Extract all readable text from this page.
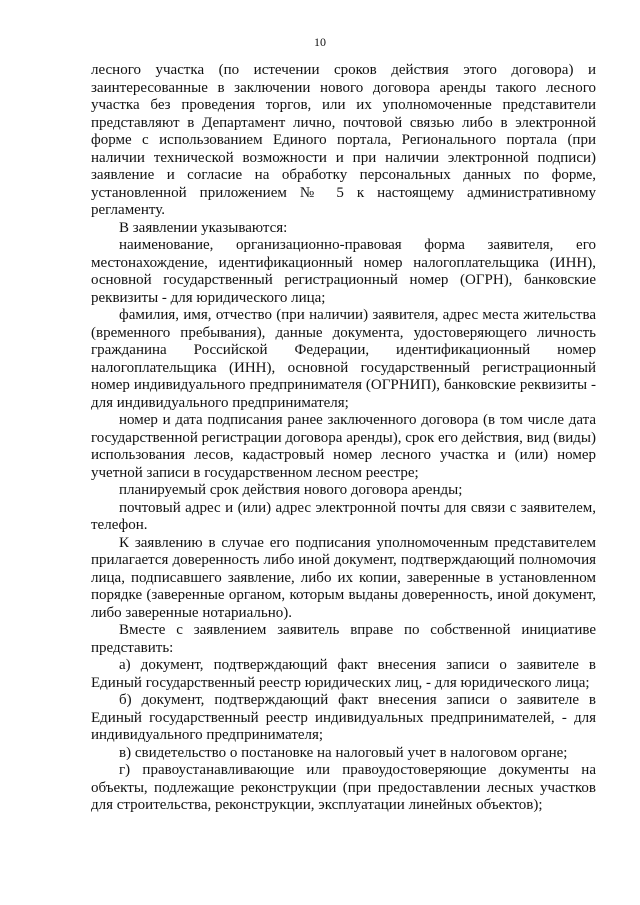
10

лесного участка (по истечении сроков действия этого договора) и заинтересованные в заключении нового договора аренды такого лесного участка без проведения торгов, или их уполномоченные представители представляют в Департамент лично, почтовой связью либо в электронной форме с использованием Единого портала, Регионального портала (при наличии технической возможности и при наличии электронной подписи) заявление и согласие на обработку персональных данных по форме, установленной приложением № 5 к настоящему административному регламенту.

В заявлении указываются:

наименование, организационно-правовая форма заявителя, его местонахождение, идентификационный номер налогоплательщика (ИНН), основной государственный регистрационный номер (ОГРН), банковские реквизиты - для юридического лица;

фамилия, имя, отчество (при наличии) заявителя, адрес места жительства (временного пребывания), данные документа, удостоверяющего личность гражданина Российской Федерации, идентификационный номер налогоплательщика (ИНН), основной государственный регистрационный номер индивидуального предпринимателя (ОГРНИП), банковские реквизиты - для индивидуального предпринимателя;

номер и дата подписания ранее заключенного договора (в том числе дата государственной регистрации договора аренды), срок его действия, вид (виды) использования лесов, кадастровый номер лесного участка и (или) номер учетной записи в государственном лесном реестре;

планируемый срок действия нового договора аренды;

почтовый адрес и (или) адрес электронной почты для связи с заявителем, телефон.

К заявлению в случае его подписания уполномоченным представителем прилагается доверенность либо иной документ, подтверждающий полномочия лица, подписавшего заявление, либо их копии, заверенные в установленном порядке (заверенные органом, которым выданы доверенность, иной документ, либо заверенные нотариально).

Вместе с заявлением заявитель вправе по собственной инициативе представить:

а) документ, подтверждающий факт внесения записи о заявителе в Единый государственный реестр юридических лиц, - для юридического лица;

б) документ, подтверждающий факт внесения записи о заявителе в Единый государственный реестр индивидуальных предпринимателей, - для индивидуального предпринимателя;

в) свидетельство о постановке на налоговый учет в налоговом органе;

г) правоустанавливающие или правоудостоверяющие документы на объекты, подлежащие реконструкции (при предоставлении лесных участков для строительства, реконструкции, эксплуатации линейных объектов);
